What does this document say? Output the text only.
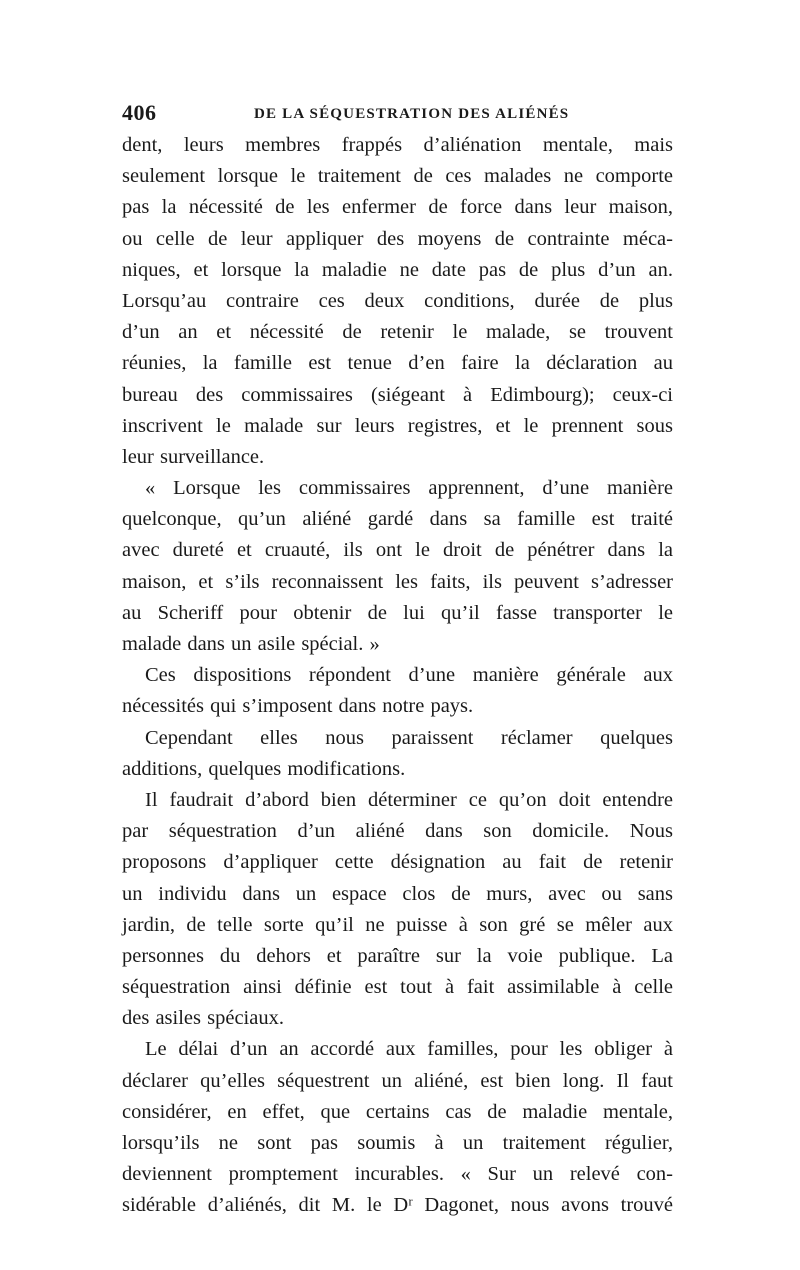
406	DE LA SÉQUESTRATION DES ALIÉNÉS
dent, leurs membres frappés d’aliénation mentale, mais
seulement lorsque le traitement de ces malades ne comporte
pas la nécessité de les enfermer de force dans leur maison,
ou celle de leur appliquer des moyens de contrainte méca-
niques, et lorsque la maladie ne date pas de plus d’un an.
Lorsqu’au contraire ces deux conditions, durée de plus
d’un an et nécessité de retenir le malade, se trouvent
réunies, la famille est tenue d’en faire la déclaration au
bureau des commissaires (siégeant à Edimbourg); ceux-ci
inscrivent le malade sur leurs registres, et le prennent sous
leur surveillance.
« Lorsque les commissaires apprennent, d’une manière
quelconque, qu’un aliéné gardé dans sa famille est traité
avec dureté et cruauté, ils ont le droit de pénétrer dans la
maison, et s’ils reconnaissent les faits, ils peuvent s’adresser
au Scheriff pour obtenir de lui qu’il fasse transporter le
malade dans un asile spécial. »
Ces dispositions répondent d’une manière générale aux
nécessités qui s’imposent dans notre pays.
Cependant elles nous paraissent réclamer quelques
additions, quelques modifications.
Il faudrait d’abord bien déterminer ce qu’on doit entendre
par séquestration d’un aliéné dans son domicile. Nous
proposons d’appliquer cette désignation au fait de retenir
un individu dans un espace clos de murs, avec ou sans
jardin, de telle sorte qu’il ne puisse à son gré se mêler aux
personnes du dehors et paraître sur la voie publique. La
séquestration ainsi définie est tout à fait assimilable à celle
des asiles spéciaux.
Le délai d’un an accordé aux familles, pour les obliger à
déclarer qu’elles séquestrent un aliéné, est bien long. Il faut
considérer, en effet, que certains cas de maladie mentale,
lorsqu’ils ne sont pas soumis à un traitement régulier,
deviennent promptement incurables. « Sur un relevé con-
sidérable d’aliénés, dit M. le Dʳ Dagonet, nous avons trouvé
